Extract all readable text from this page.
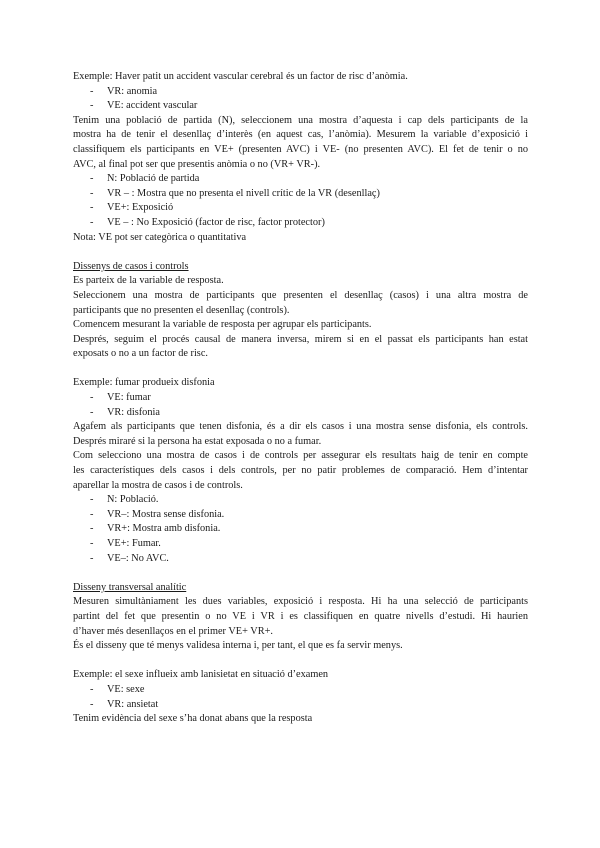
Exemple: Haver patit un accident vascular cerebral és un factor de risc d’anòmia.
- VR: anomia
- VE: accident vascular
Tenim una població de partida (N), seleccionem una mostra d’aquesta i cap dels participants de la
mostra ha de tenir el desenllaç d’interès (en aquest cas, l’anòmia). Mesurem la variable d’exposició i
classifiquem els participants en VE+ (presenten AVC) i VE- (no presenten AVC). El fet de tenir o no
AVC, al final pot ser que presentis anòmia o no (VR+ VR-).
- N: Població de partida
- VR – : Mostra que no presenta el nivell crític de la VR (desenllaç)
- VE+: Exposició
- VE – : No Exposició (factor de risc, factor protector)
Nota: VE pot ser categòrica o quantitativa
Dissenys de casos i controls
Es parteix de la variable de resposta.
Seleccionem una mostra de participants que presenten el desenllaç (casos) i una altra mostra de
participants que no presenten el desenllaç (controls).
Comencem mesurant la variable de resposta per agrupar els participants.
Després, seguim el procés causal de manera inversa, mirem si en el passat els participants han estat
exposats o no a un factor de risc.
Exemple: fumar produeix disfonia
- VE: fumar
- VR: disfonia
Agafem als participants que tenen disfonia, és a dir els casos i una mostra sense disfonia, els controls.
Després miraré si la persona ha estat exposada o no a fumar.
Com selecciono una mostra de casos i de controls per assegurar els resultats haig de tenir en compte
les característiques dels casos i dels controls, per no patir problemes de comparació. Hem d’intentar
aparellar la mostra de casos i de controls.
- N: Població.
- VR–: Mostra sense disfonia.
- VR+: Mostra amb disfonia.
- VE+: Fumar.
- VE–: No AVC.
Disseny transversal analític
Mesuren simultàniament les dues variables, exposició i resposta. Hi ha una selecció de participants
partint del fet que presentin o no VE i VR i es classifiquen en quatre nivells d’estudi. Hi haurien
d’haver més desenllaços en el primer VE+ VR+.
És el disseny que té menys validesa interna i, per tant, el que es fa servir menys.
Exemple: el sexe influeix amb lanisietat en situació d’examen
- VE: sexe
- VR: ansietat
Tenim evidència del sexe s’ha donat abans que la resposta
